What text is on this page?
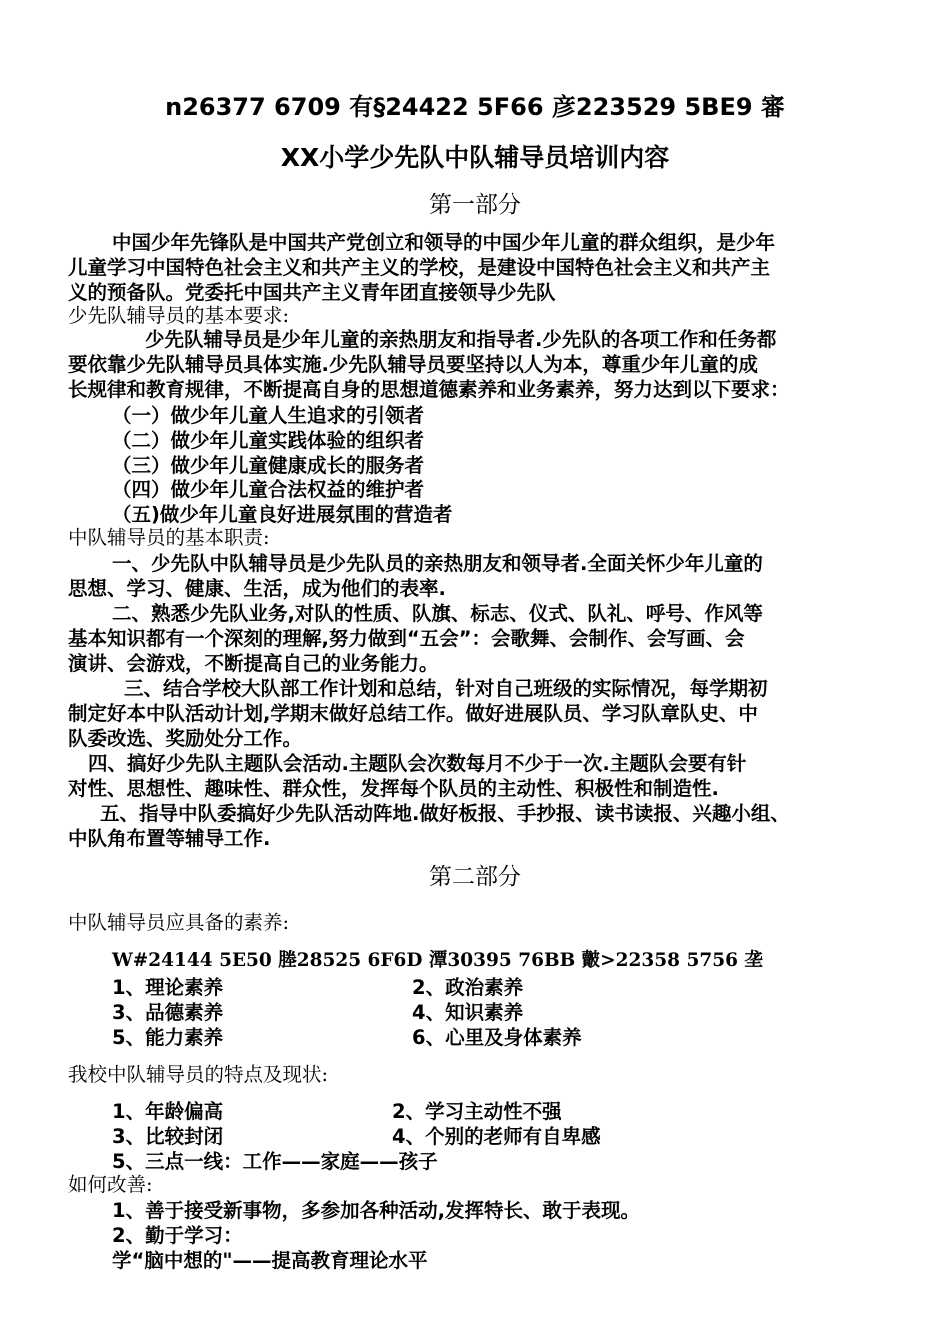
n26377 6709 有§24422 5F66 彦223529 5BE9 審
XX小学少先队中队辅导员培训内容
第一部分
中国少年先锋队是中国共产党创立和领导的中国少年儿童的群众组织，是少年
儿童学习中国特色社会主义和共产主义的学校，是建设中国特色社会主义和共产主
义的预备队。党委托中国共产主义青年团直接领导少先队
少先队辅导员的基本要求:
少先队辅导员是少年儿童的亲热朋友和指导者.少先队的各项工作和任务都
要依靠少先队辅导员具体实施.少先队辅导员要坚持以人为本，尊重少年儿童的成
长规律和教育规律，不断提高自身的思想道德素养和业务素养，努力达到以下要求：
（一）做少年儿童人生追求的引领者
（二）做少年儿童实践体验的组织者
（三）做少年儿童健康成长的服务者
（四）做少年儿童合法权益的维护者
（五)做少年儿童良好进展氛围的营造者
中队辅导员的基本职责:
一、少先队中队辅导员是少先队员的亲热朋友和领导者.全面关怀少年儿童的
思想、学习、健康、生活，成为他们的表率.
二、熟悉少先队业务,对队的性质、队旗、标志、仪式、队礼、呼号、作风等
基本知识都有一个深刻的理解,努力做到“五会”：会歌舞、会制作、会写画、会
演讲、会游戏，不断提高自己的业务能力。
三、结合学校大队部工作计划和总结，针对自己班级的实际情况，每学期初
制定好本中队活动计划,学期末做好总结工作。做好进展队员、学习队章队史、中
队委改选、奖励处分工作。
四、搞好少先队主题队会活动.主题队会次数每月不少于一次.主题队会要有针
对性、思想性、趣味性、群众性，发挥每个队员的主动性、积极性和制造性.
五、指导中队委搞好少先队活动阵地.做好板报、手抄报、读书读报、兴趣小组、
中队角布置等辅导工作.
第二部分
中队辅导员应具备的素养:
W#24144 5E50 塍28525 6F6D 潭30395 76BB 皾>22358 5756 垄
1、理论素养	2、政治素养
3、品德素养	4、知识素养
5、能力素养	6、心里及身体素养
我校中队辅导员的特点及现状:
1、年龄偏高	2、学习主动性不强
3、比较封闭	4、个别的老师有自卑感
5、三点一线：工作——家庭——孩子
如何改善:
1、善于接受新事物，多参加各种活动,发挥特长、敢于表现。
2、勤于学习：
学“脑中想的"——提高教育理论水平
